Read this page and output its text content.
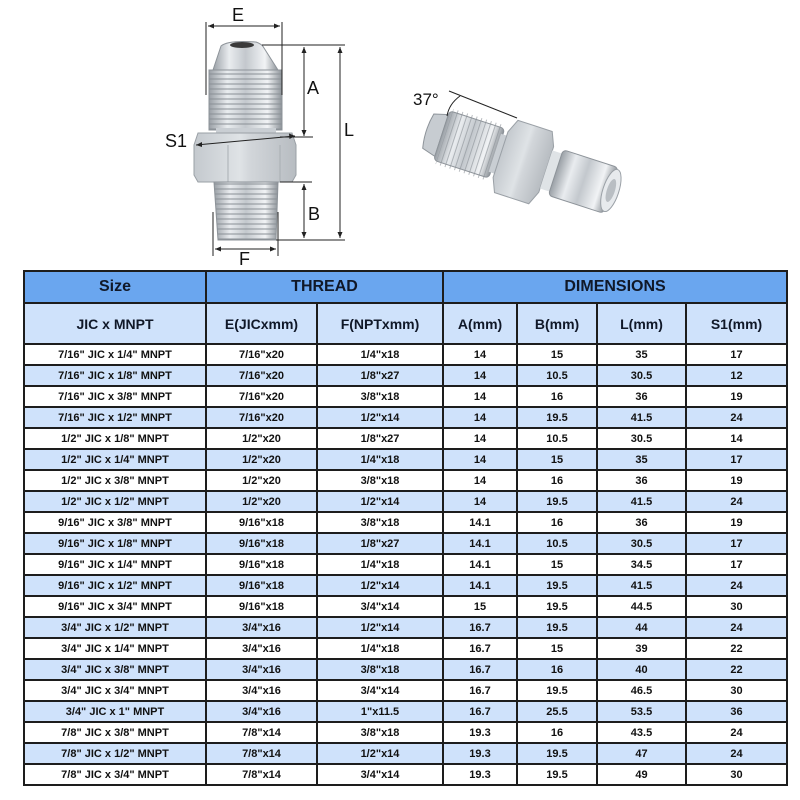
E
A
L
S1
B
F
37°
Size	THREAD		DIMENSIONS			
JIC x MNPT	E(JICxmm)	F(NPTxmm)	A(mm)	B(mm)	L(mm)	S1(mm)
7/16" JIC x 1/4" MNPT	7/16"x20	1/4"x18	14	15	35	17
7/16" JIC x 1/8" MNPT	7/16"x20	1/8"x27	14	10.5	30.5	12
7/16" JIC x 3/8" MNPT	7/16"x20	3/8"x18	14	16	36	19
7/16" JIC x 1/2" MNPT	7/16"x20	1/2"x14	14	19.5	41.5	24
1/2" JIC x 1/8" MNPT	1/2"x20	1/8"x27	14	10.5	30.5	14
1/2" JIC x 1/4" MNPT	1/2"x20	1/4"x18	14	15	35	17
1/2" JIC x 3/8" MNPT	1/2"x20	3/8"x18	14	16	36	19
1/2" JIC x 1/2" MNPT	1/2"x20	1/2"x14	14	19.5	41.5	24
9/16" JIC x 3/8" MNPT	9/16"x18	3/8"x18	14.1	16	36	19
9/16" JIC x 1/8" MNPT	9/16"x18	1/8"x27	14.1	10.5	30.5	17
9/16" JIC x 1/4" MNPT	9/16"x18	1/4"x18	14.1	15	34.5	17
9/16" JIC x 1/2" MNPT	9/16"x18	1/2"x14	14.1	19.5	41.5	24
9/16" JIC x 3/4" MNPT	9/16"x18	3/4"x14	15	19.5	44.5	30
3/4" JIC x 1/2" MNPT	3/4"x16	1/2"x14	16.7	19.5	44	24
3/4" JIC x 1/4" MNPT	3/4"x16	1/4"x18	16.7	15	39	22
3/4" JIC x 3/8" MNPT	3/4"x16	3/8"x18	16.7	16	40	22
3/4" JIC x 3/4" MNPT	3/4"x16	3/4"x14	16.7	19.5	46.5	30
3/4" JIC x 1" MNPT	3/4"x16	1"x11.5	16.7	25.5	53.5	36
7/8" JIC x 3/8" MNPT	7/8"x14	3/8"x18	19.3	16	43.5	24
7/8" JIC x 1/2" MNPT	7/8"x14	1/2"x14	19.3	19.5	47	24
7/8" JIC x 3/4" MNPT	7/8"x14	3/4"x14	19.3	19.5	49	30
